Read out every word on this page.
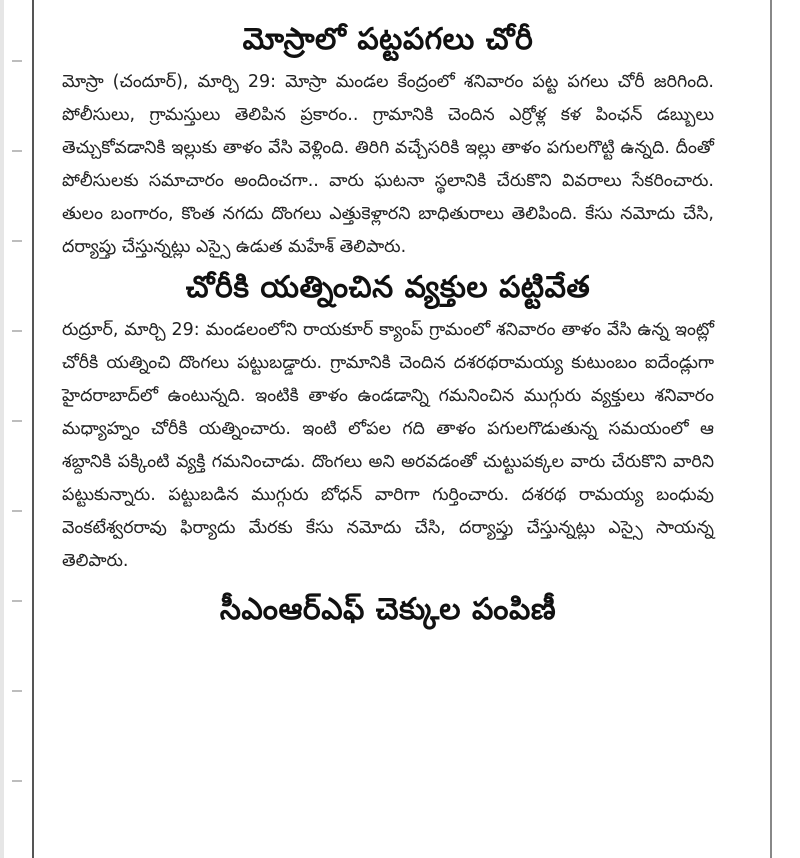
మోస్రాలో పట్టపగలు చోరీ

మోస్రా (చందూర్), మార్చి 29: మోస్రా మండల కేంద్రంలో శనివారం పట్ట పగలు చోరీ జరిగింది. పోలీసులు, గ్రామస్తులు తెలిపిన ప్రకారం.. గ్రామానికి చెందిన ఎర్రోళ్ల కళ పింఛన్ డబ్బులు తెచ్చుకోవడానికి ఇల్లుకు తాళం వేసి వెళ్లింది. తిరిగి వచ్చేసరికి ఇల్లు తాళం పగులగొట్టి ఉన్నది. దీంతో పోలీసులకు సమాచారం అందించగా.. వారు ఘటనా స్థలానికి చేరుకొని వివరాలు సేకరించారు. తులం బంగారం, కొంత నగదు దొంగలు ఎత్తుకెళ్లారని బాధితురాలు తెలిపింది. కేసు నమోదు చేసి, దర్యాప్తు చేస్తున్నట్లు ఎస్సై ఉడుత మహేశ్ తెలిపారు.

చోరీకి యత్నించిన వ్యక్తుల పట్టివేత

రుద్రూర్, మార్చి 29: మండలంలోని రాయకూర్ క్యాంప్ గ్రామంలో శనివారం తాళం వేసి ఉన్న ఇంట్లో చోరీకి యత్నించి దొంగలు పట్టుబడ్డారు. గ్రామానికి చెందిన దశరథరామయ్య కుటుంబం ఐదేండ్లుగా హైదరాబాద్‌లో ఉంటున్నది. ఇంటికి తాళం ఉండడాన్ని గమనించిన ముగ్గురు వ్యక్తులు శనివారం మధ్యాహ్నం చోరీకి యత్నించారు. ఇంటి లోపల గది తాళం పగులగొడుతున్న సమయంలో ఆ శబ్దానికి పక్కింటి వ్యక్తి గమనించాడు. దొంగలు అని అరవడంతో చుట్టుపక్కల వారు చేరుకొని వారిని పట్టుకున్నారు. పట్టుబడిన ముగ్గురు బోధన్ వారిగా గుర్తించారు. దశరథ రామయ్య బంధువు వెంకటేశ్వరరావు ఫిర్యాదు మేరకు కేసు నమోదు చేసి, దర్యాప్తు చేస్తున్నట్లు ఎస్సై సాయన్న తెలిపారు.

సీఎంఆర్ఎఫ్ చెక్కుల పంపిణీ
